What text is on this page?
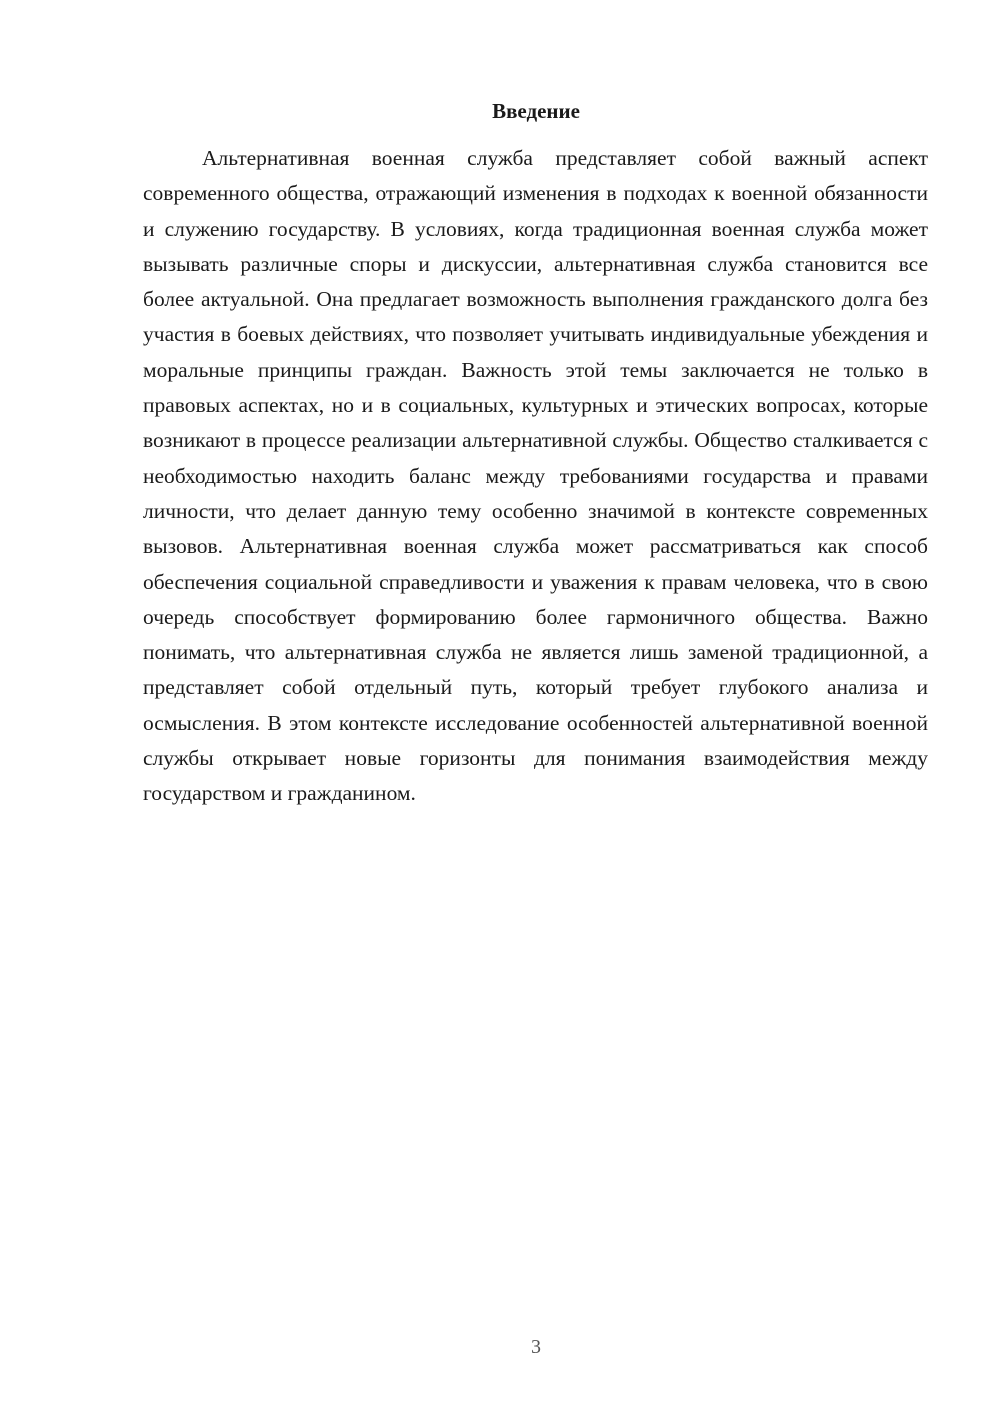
Введение

Альтернативная военная служба представляет собой важный аспект современного общества, отражающий изменения в подходах к военной обязанности и служению государству. В условиях, когда традиционная военная служба может вызывать различные споры и дискуссии, альтернативная служба становится все более актуальной. Она предлагает возможность выполнения гражданского долга без участия в боевых действиях, что позволяет учитывать индивидуальные убеждения и моральные принципы граждан. Важность этой темы заключается не только в правовых аспектах, но и в социальных, культурных и этических вопросах, которые возникают в процессе реализации альтернативной службы. Общество сталкивается с необходимостью находить баланс между требованиями государства и правами личности, что делает данную тему особенно значимой в контексте современных вызовов. Альтернативная военная служба может рассматриваться как способ обеспечения социальной справедливости и уважения к правам человека, что в свою очередь способствует формированию более гармоничного общества. Важно понимать, что альтернативная служба не является лишь заменой традиционной, а представляет собой отдельный путь, который требует глубокого анализа и осмысления. В этом контексте исследование особенностей альтернативной военной службы открывает новые горизонты для понимания взаимодействия между государством и гражданином.

3
